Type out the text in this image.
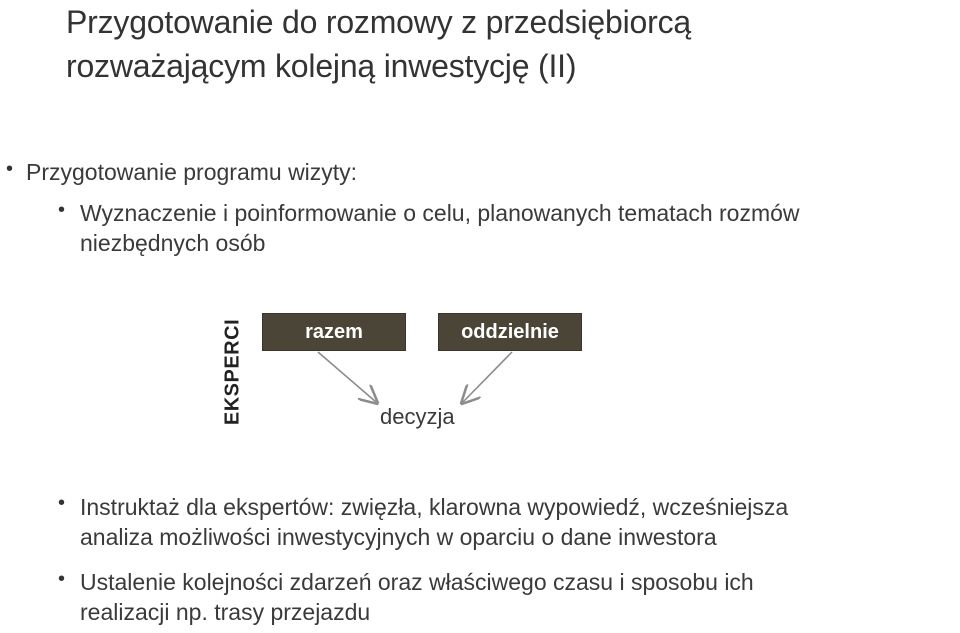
Przygotowanie do rozmowy z przedsiębiorcą
rozważającym kolejną inwestycję (II)
• Przygotowanie programu wizyty:
• Wyznaczenie i poinformowanie o celu, planowanych tematach rozmów
niezbędnych osób
EKSPERCI	razem	oddzielnie
decyzja
• Instruktaż dla ekspertów: zwięzła, klarowna wypowiedź, wcześniejsza
analiza możliwości inwestycyjnych w oparciu o dane inwestora
• Ustalenie kolejności zdarzeń oraz właściwego czasu i sposobu ich
realizacji np. trasy przejazdu
